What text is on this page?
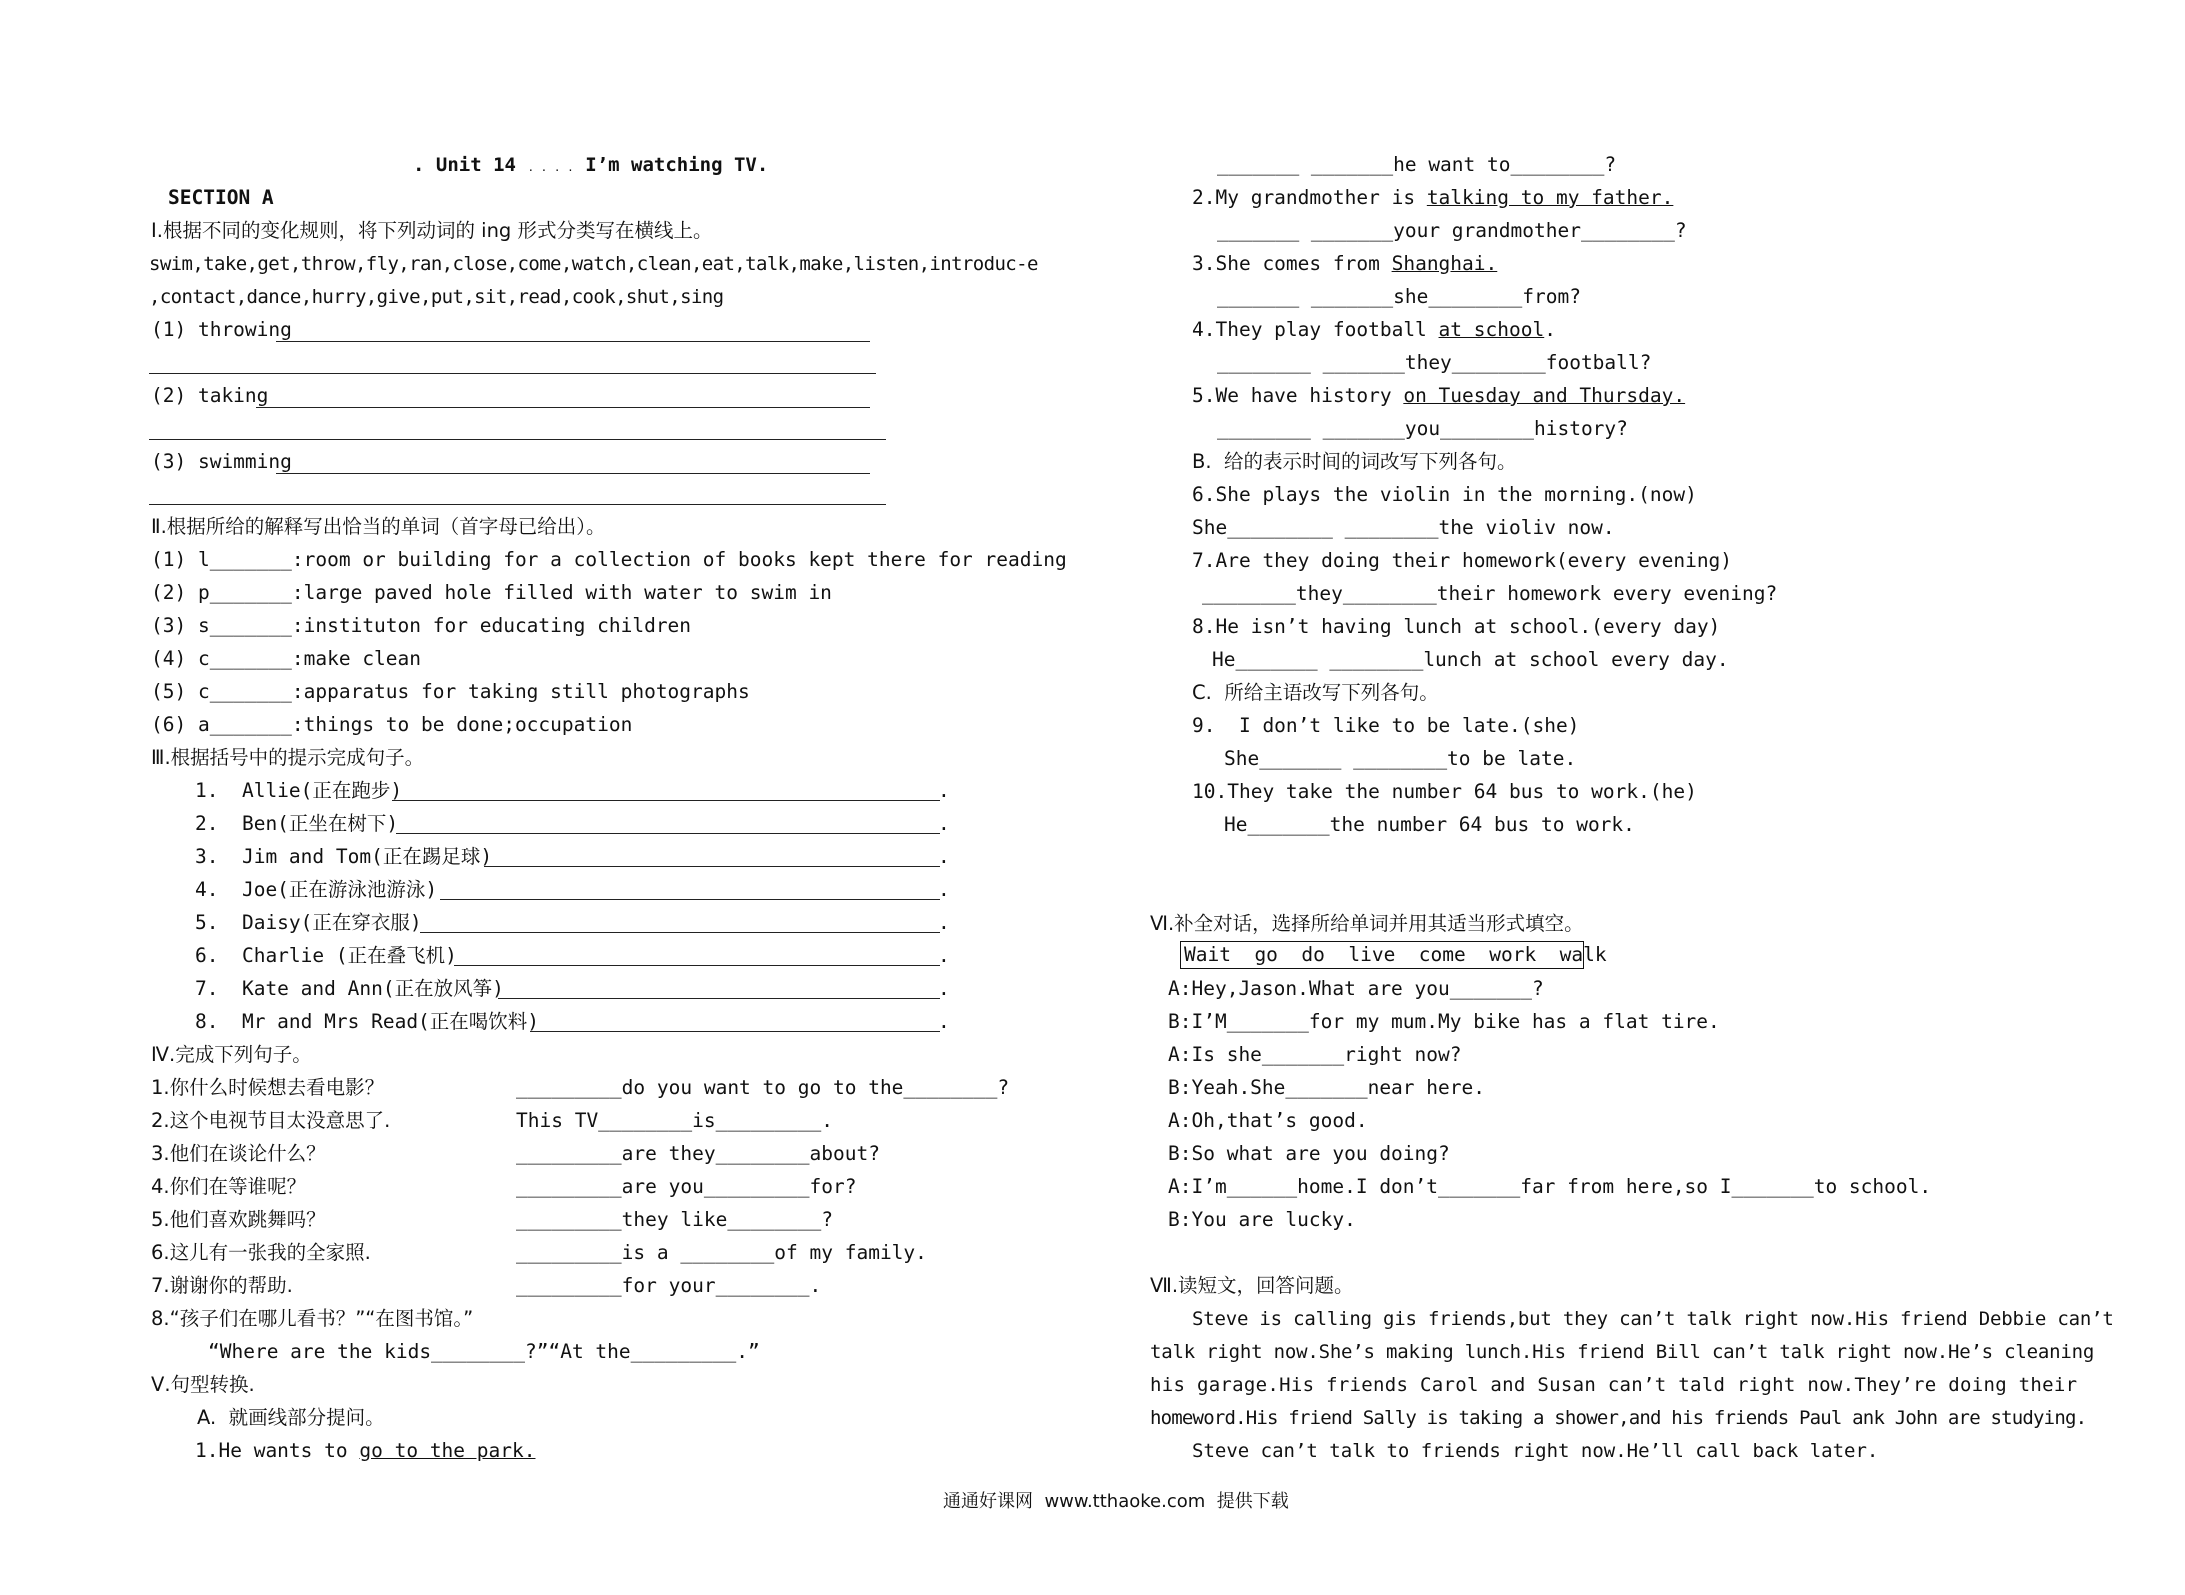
. Unit 14 . . . . I’m watching TV.
SECTION A
Ⅰ.根据不同的变化规则，将下列动词的 ing 形式分类写在横线上。
swim,take,get,throw,fly,ran,close,come,watch,clean,eat,talk,make,listen,introduc-e
,contact,dance,hurry,give,put,sit,read,cook,shut,sing
(1) throwing
(2) taking
(3) swimming
Ⅱ.根据所给的解释写出恰当的单词（首字母已给出）。
(1) l_______:room or building for a collection of books kept there for reading
(2) p_______:large paved hole filled with water to swim in
(3) s_______:instituton for educating children
(4) c_______:make clean
(5) c_______:apparatus for taking still photographs
(6) a_______:things to be done;occupation
Ⅲ.根据括号中的提示完成句子。
1.  Allie(正在跑步)	.
2.  Ben(正坐在树下)	.
3.  Jim and Tom(正在踢足球)	.
4.  Joe(正在游泳池游泳)	.
5.  Daisy(正在穿衣服)	.
6.  Charlie (正在叠飞机)	.
7.  Kate and Ann(正在放风筝)	.
8.  Mr and Mrs Read(正在喝饮料)	.
Ⅳ.完成下列句子。
1.你什么时候想去看电影？	_________do you want to go to the________?
2.这个电视节目太没意思了.	This TV________is_________.
3.他们在谈论什么？	_________are they________about?
4.你们在等谁呢？	_________are you_________for?
5.他们喜欢跳舞吗？	_________they like________?
6.这儿有一张我的全家照.	_________is a ________of my family.
7.谢谢你的帮助.	_________for your________.
8.“孩子们在哪儿看书？”“在图书馆。”
“Where are the kids________?”“At the_________.”
Ⅴ.句型转换.
A.  就画线部分提问。
1.He wants to go to the park.
_______ _______he want to________?
2.My grandmother is talking to my father.
_______ _______your grandmother________?
3.She comes from Shanghai.
_______ _______she________from?
4.They play football at school.
________ _______they________football?
5.We have history on Tuesday and Thursday.
________ _______you________history?
B.  给的表示时间的词改写下列各句。
6.She plays the violin in the morning.(now)
She_________ ________the violiv now.
7.Are they doing their homework(every evening)
________they________their homework every evening?
8.He isn’t having lunch at school.(every day)
He_______ ________lunch at school every day.
C.  所给主语改写下列各句。
9.  I don’t like to be late.(she)
She_______ ________to be late.
10.They take the number 64 bus to work.(he)
He_______the number 64 bus to work.
Ⅵ.补全对话，选择所给单词并用其适当形式填空。
Wait  go  do  live  come  work  walk
A:Hey,Jason.What are you_______?
B:I’M_______for my mum.My bike has a flat tire.
A:Is she_______right now?
B:Yeah.She_______near here.
A:Oh,that’s good.
B:So what are you doing?
A:I’m______home.I don’t_______far from here,so I_______to school.
B:You are lucky.
Ⅶ.读短文，回答问题。
Steve is calling gis friends,but they can’t talk right now.His friend Debbie can’t
talk right now.She’s making lunch.His friend Bill can’t talk right now.He’s cleaning
his garage.His friends Carol and Susan can’t tald right now.They’re doing their
homeword.His friend Sally is taking a shower,and his friends Paul ank John are studying.
Steve can’t talk to friends right now.He’ll call back later.
通通好课网  www.tthaoke.com  提供下载
